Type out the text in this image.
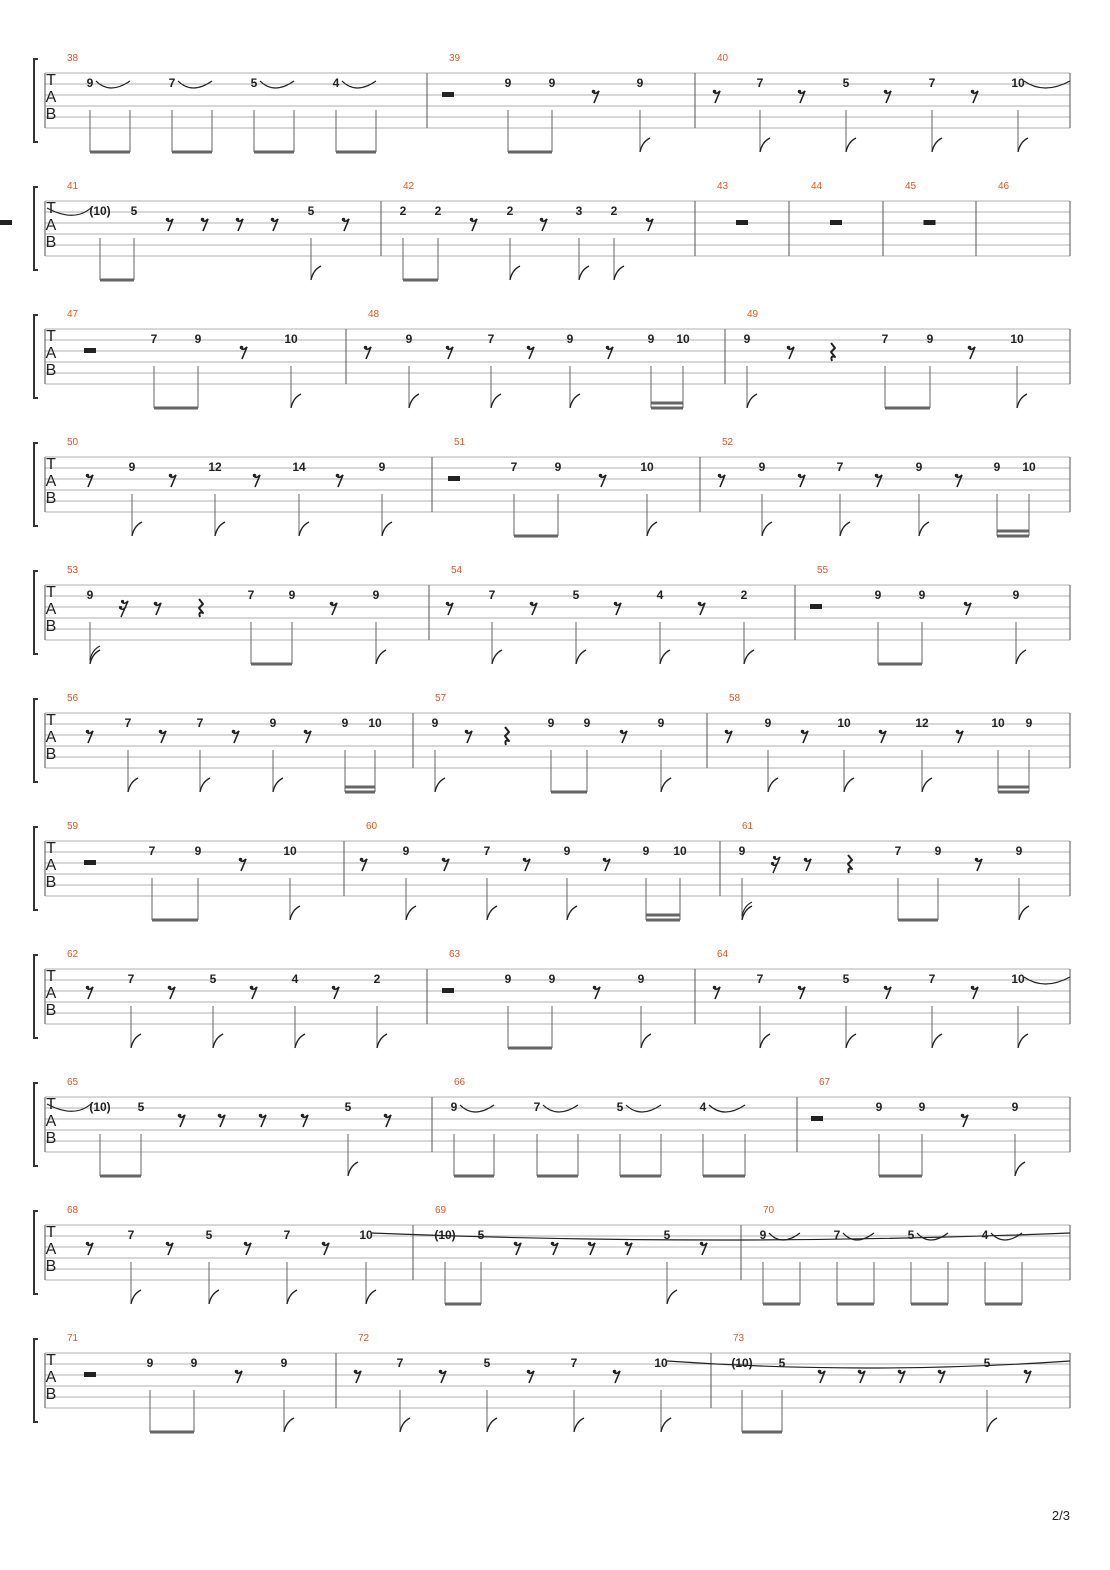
T
A
B
38
9	7	5	4
39
9	9	9
40
7	5	7	10
T
A
B
41
(10) 5	5
42
2 2	2	3 2
43	44	45	46
T
A
B
47
7	9	10
48
9	7	9	9 10
49
9	7	9	10
T
A
B
50
9	12	14	9
51
7	9	10
52
9	7	9	9 10
T
A
B
53
9	7	9	9
54
7	5	4	2
55
9	9	9
T
A
B
56
7	7	9	9 10
57
9	9 9	9
58
9	10	12	10 9
T
A
B
59
7	9	10
60
9	7	9	9 10
61
9	7	9	9
T
A
B
62
7	5	4	2
63
9	9	9
64
7	5	7	10
T
A
B
65
(10) 5	5
66
9	7	5	4
67
9	9	9
T
A
B
68
7	5	7	10
69
(10) 5	5
70
9	7	5	4
T
A
B
71
9	9	9
72
7	5	7	10
73
(10) 5	5
2/3
